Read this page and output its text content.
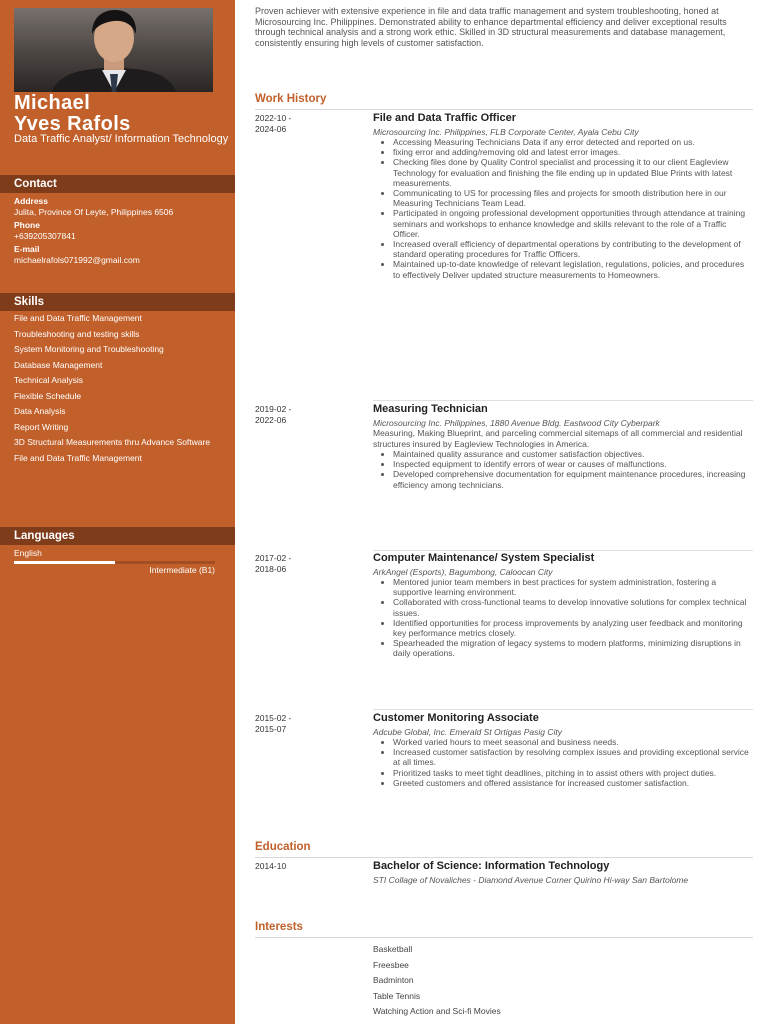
Michael
Yves Rafols
Data Traffic Analyst/ Information Technology
Contact
Address
Julita, Province Of Leyte, Philippines 6506
Phone
+639205307841
E-mail
michaelrafols071992@gmail.com
Skills
File and Data Traffic Management
Troubleshooting and testing skills
System Monitoring and Troubleshooting
Database Management
Technical Analysis
Flexible Schedule
Data Analysis
Report Writing
3D Structural Measurements thru Advance Software
File and Data Traffic Management
Languages
English
Intermediate (B1)
Proven achiever with extensive experience in file and data traffic management and system troubleshooting, honed at Microsourcing Inc. Philippines. Demonstrated ability to enhance departmental efficiency and deliver exceptional results through technical analysis and a strong work ethic. Skilled in 3D structural measurements and database management, consistently ensuring high levels of customer satisfaction.
Work History
2022-10 -
2024-06
File and Data Traffic Officer
Microsourcing Inc. Philippines, FLB Corporate Center, Ayala Cebu City
• Accessing Measuring Technicians Data if any error detected and reported on us.
• fixing error and adding/removing old and latest error images.
• Checking files done by Quality Control specialist and processing it to our client Eagleview Technology for evaluation and finishing the file ending up in updated Blue Prints with latest measurements.
• Communicating to US for processing files and projects for smooth distribution here in our Measuring Technicians Team Lead.
• Participated in ongoing professional development opportunities through attendance at training seminars and workshops to enhance knowledge and skills relevant to the role of a Traffic Officer.
• Increased overall efficiency of departmental operations by contributing to the development of standard operating procedures for Traffic Officers.
• Maintained up-to-date knowledge of relevant legislation, regulations, policies, and procedures to effectively Deliver updated structure measurements to Homeowners.
2019-02 -
2022-06
Measuring Technician
Microsourcing Inc. Philippines, 1880 Avenue Bldg. Eastwood City Cyberpark
Measuring, Making Blueprint, and parceling commercial sitemaps of all commercial and residential structures insured by Eagleview Technologies in America.
• Maintained quality assurance and customer satisfaction objectives.
• Inspected equipment to identify errors of wear or causes of malfunctions.
• Developed comprehensive documentation for equipment maintenance procedures, increasing efficiency among technicians.
2017-02 -
2018-06
Computer Maintenance/ System Specialist
ArkAngel (Esports), Bagumbong, Caloocan City
• Mentored junior team members in best practices for system administration, fostering a supportive learning environment.
• Collaborated with cross-functional teams to develop innovative solutions for complex technical issues.
• Identified opportunities for process improvements by analyzing user feedback and monitoring key performance metrics closely.
• Spearheaded the migration of legacy systems to modern platforms, minimizing disruptions in daily operations.
2015-02 -
2015-07
Customer Monitoring Associate
Adcube Global, Inc. Emerald St Ortigas Pasig City
• Worked varied hours to meet seasonal and business needs.
• Increased customer satisfaction by resolving complex issues and providing exceptional service at all times.
• Prioritized tasks to meet tight deadlines, pitching in to assist others with project duties.
• Greeted customers and offered assistance for increased customer satisfaction.
Education
2014-10	Bachelor of Science: Information Technology
STI Collage of Novaliches - Diamond Avenue Corner Quirino Hi-way San Bartolome
Interests
Basketball
Freesbee
Badminton
Table Tennis
Watching Action and Sci-fi Movies
